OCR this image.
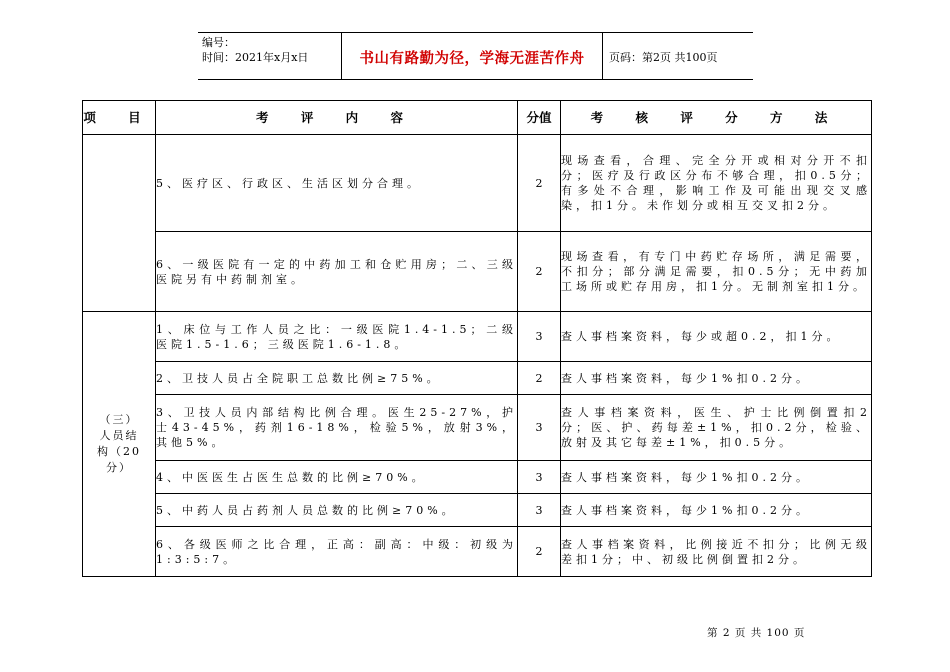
编号：
时间：2021年x月x日	书山有路勤为径，学海无涯苦作舟	页码：第2页 共100页
项 目	考 评 内 容	分值	考 核 评 分 方 法
	5、医疗区、行政区、生活区划分合理。	2	现场查看，合理、完全分开或相对分开不扣分；医疗及行政区分布不够合理，扣0.5分；有多处不合理，影响工作及可能出现交叉感染，扣1分。未作划分或相互交叉扣2分。
	6、一级医院有一定的中药加工和仓贮用房；二、三级医院另有中药制剂室。	2	现场查看，有专门中药贮存场所，满足需要，不扣分；部分满足需要，扣0.5分；无中药加工场所或贮存用房，扣1分。无制剂室扣1分。

（三）人员结构（20分）	1、床位与工作人员之比：一级医院1.4-1.5；二级医院1.5-1.6；三级医院1.6-1.8。	3	查人事档案资料，每少或超0.2，扣1分。
	2、卫技人员占全院职工总数比例≥75%。	2	查人事档案资料，每少1%扣0.2分。
	3、卫技人员内部结构比例合理。医生25-27%，护士43-45%，药剂16-18%，检验5%，放射3%，其他5%。	3	查人事档案资料，医生、护士比例倒置扣2分；医、护、药每差±1%，扣0.2分，检验、放射及其它每差±1%，扣0.5分。
	4、中医医生占医生总数的比例≥70%。	3	查人事档案资料，每少1%扣0.2分。
	5、中药人员占药剂人员总数的比例≥70%。	3	查人事档案资料，每少1%扣0.2分。
	6、各级医师之比合理，正高：副高：中级：初级为1:3:5:7。	2	查人事档案资料，比例接近不扣分；比例无级差扣1分；中、初级比例倒置扣2分。
第 2 页 共 100 页
